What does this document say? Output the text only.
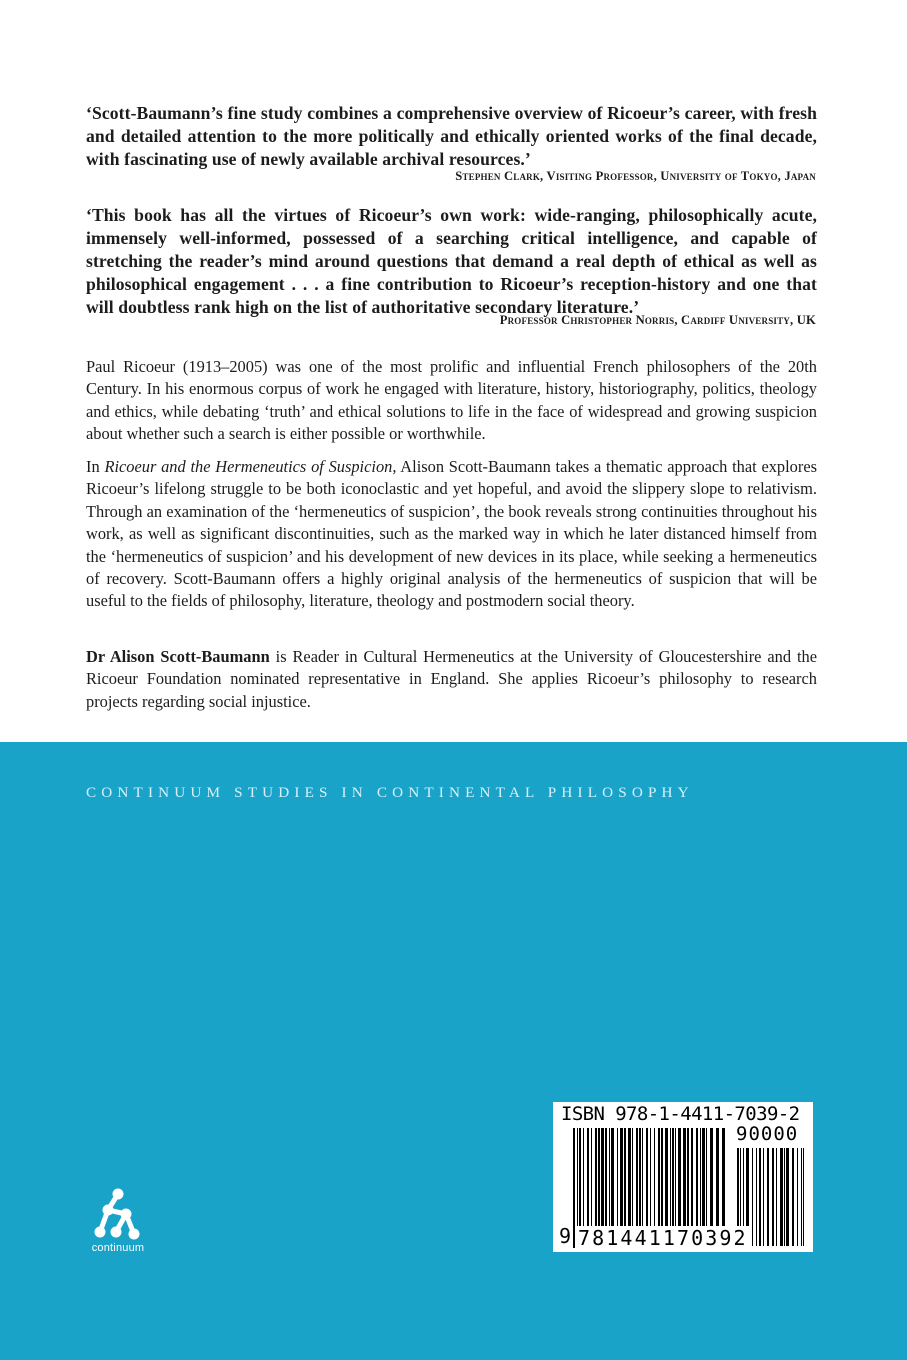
‘Scott-Baumann’s fine study combines a comprehensive overview of Ricoeur’s career, with fresh and detailed attention to the more politically and ethically oriented works of the final decade, with fascinating use of newly available archival resources.’
Stephen Clark, Visiting Professor, University of Tokyo, Japan
‘This book has all the virtues of Ricoeur’s own work: wide-ranging, philosophically acute, immensely well-informed, possessed of a searching critical intelligence, and capable of stretching the reader’s mind around questions that demand a real depth of ethical as well as philosophical engagement . . . a fine contribution to Ricoeur’s reception-history and one that will doubtless rank high on the list of authoritative secondary literature.’
Professor Christopher Norris, Cardiff University, UK
Paul Ricoeur (1913–2005) was one of the most prolific and influential French philosophers of the 20th Century. In his enormous corpus of work he engaged with literature, history, historiography, politics, theology and ethics, while debating ‘truth’ and ethical solutions to life in the face of widespread and growing suspicion about whether such a search is either possible or worthwhile.
In Ricoeur and the Hermeneutics of Suspicion, Alison Scott-Baumann takes a thematic approach that explores Ricoeur’s lifelong struggle to be both iconoclastic and yet hopeful, and avoid the slippery slope to relativism. Through an examination of the ‘hermeneutics of suspicion’, the book reveals strong continuities throughout his work, as well as significant discontinuities, such as the marked way in which he later distanced himself from the ‘hermeneutics of suspicion’ and his development of new devices in its place, while seeking a hermeneutics of recovery. Scott-Baumann offers a highly original analysis of the hermeneutics of suspicion that will be useful to the fields of philosophy, literature, theology and postmodern social theory.
Dr Alison Scott-Baumann is Reader in Cultural Hermeneutics at the University of Gloucestershire and the Ricoeur Foundation nominated representative in England. She applies Ricoeur’s philosophy to research projects regarding social injustice.
CONTINUUM STUDIES IN CONTINENTAL PHILOSOPHY
continuum
ISBN 978-1-4411-7039-2
90000
9 781441170392
